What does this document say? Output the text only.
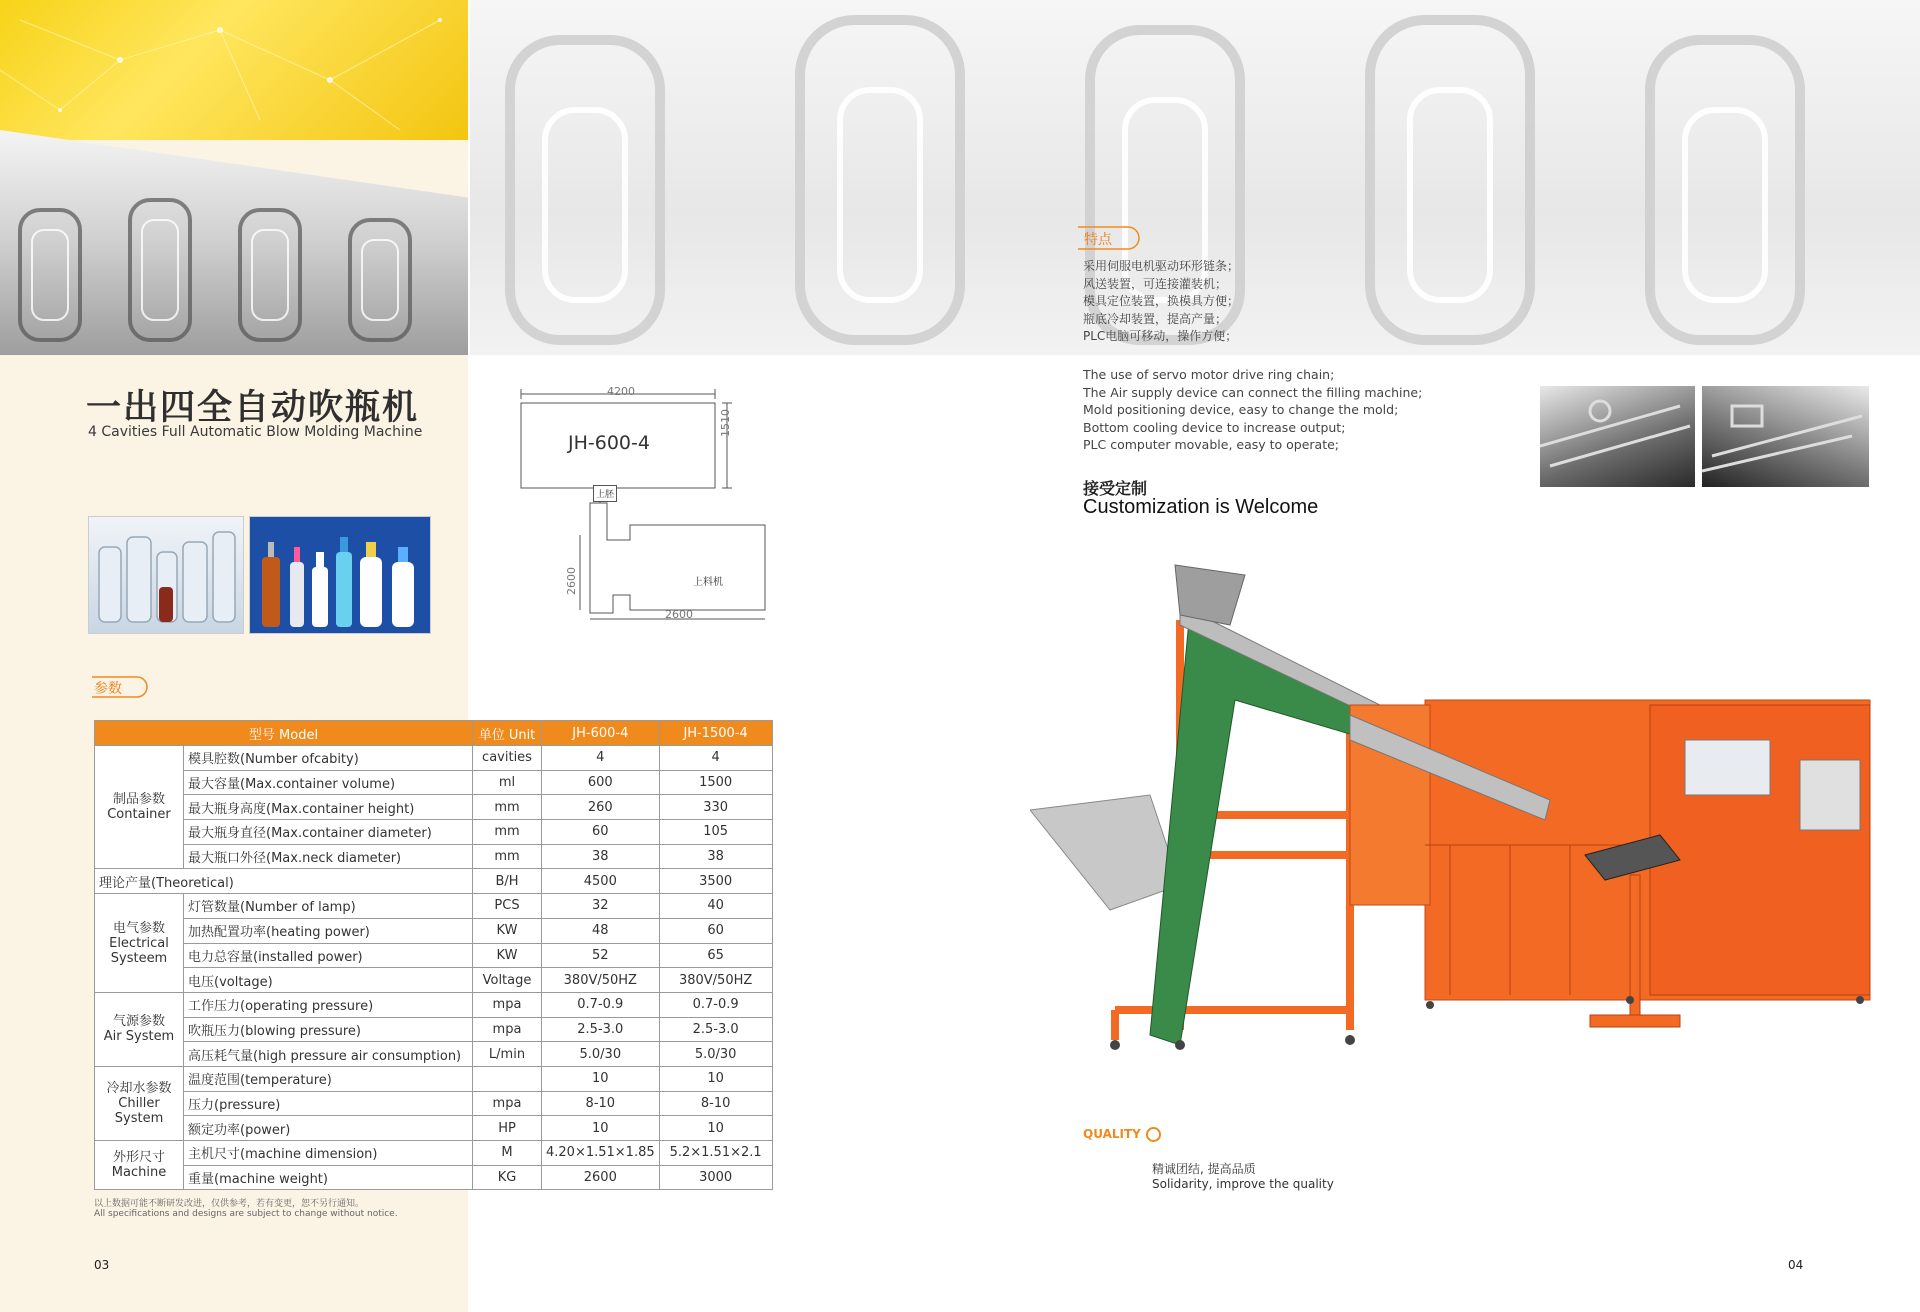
一出四全自动吹瓶机
4 Cavities Full Automatic Blow Molding Machine
4200
JH-600-4
1510
上胚
2600	上料机
2600
参数
型号 Model		单位 Unit	JH-600-4	JH-1500-4

制品参数
Container	模具腔数(Number ofcabity)	cavities	4	4
	最大容量(Max.container volume)	ml	600	1500
	最大瓶身高度(Max.container height)	mm	260	330
	最大瓶身直径(Max.container diameter)	mm	60	105
	最大瓶口外径(Max.neck diameter)	mm	38	38
理论产量(Theoretical)		B/H	4500	3500

电气参数
Electrical
Systeem	灯管数量(Number of lamp)	PCS	32	40
	加热配置功率(heating power)	KW	48	60
	电力总容量(installed power)	KW	52	65
	电压(voltage)	Voltage	380V/50HZ	380V/50HZ

气源参数
Air System	工作压力(operating pressure)	mpa	0.7-0.9	0.7-0.9
	吹瓶压力(blowing pressure)	mpa	2.5-3.0	2.5-3.0
	高压耗气量(high pressure air consumption)	L/min	5.0/30	5.0/30

冷却水参数
Chiller
System	温度范围(temperature)		10	10
	压力(pressure)	mpa	8-10	8-10
	额定功率(power)	HP	10	10

外形尺寸
Machine	主机尺寸(machine dimension)	M	4.20×1.51×1.85	5.2×1.51×2.1
	重量(machine weight)	KG	2600	3000
以上数据可能不断研发改进，仅供参考，若有变更，恕不另行通知。
All specifications and designs are subject to change without notice.
03
特点
采用伺服电机驱动环形链条；
风送装置，可连接灌装机；
模具定位装置，换模具方便；
瓶底冷却装置，提高产量；
PLC电脑可移动，操作方便；
The use of servo motor drive ring chain;
The Air supply device can connect the filling machine;
Mold positioning device, easy to change the mold;
Bottom cooling device to increase output;
PLC computer movable, easy to operate;
接受定制
Customization is Welcome
QUALITY
精诚团结, 提高品质
Solidarity, improve the quality
04
